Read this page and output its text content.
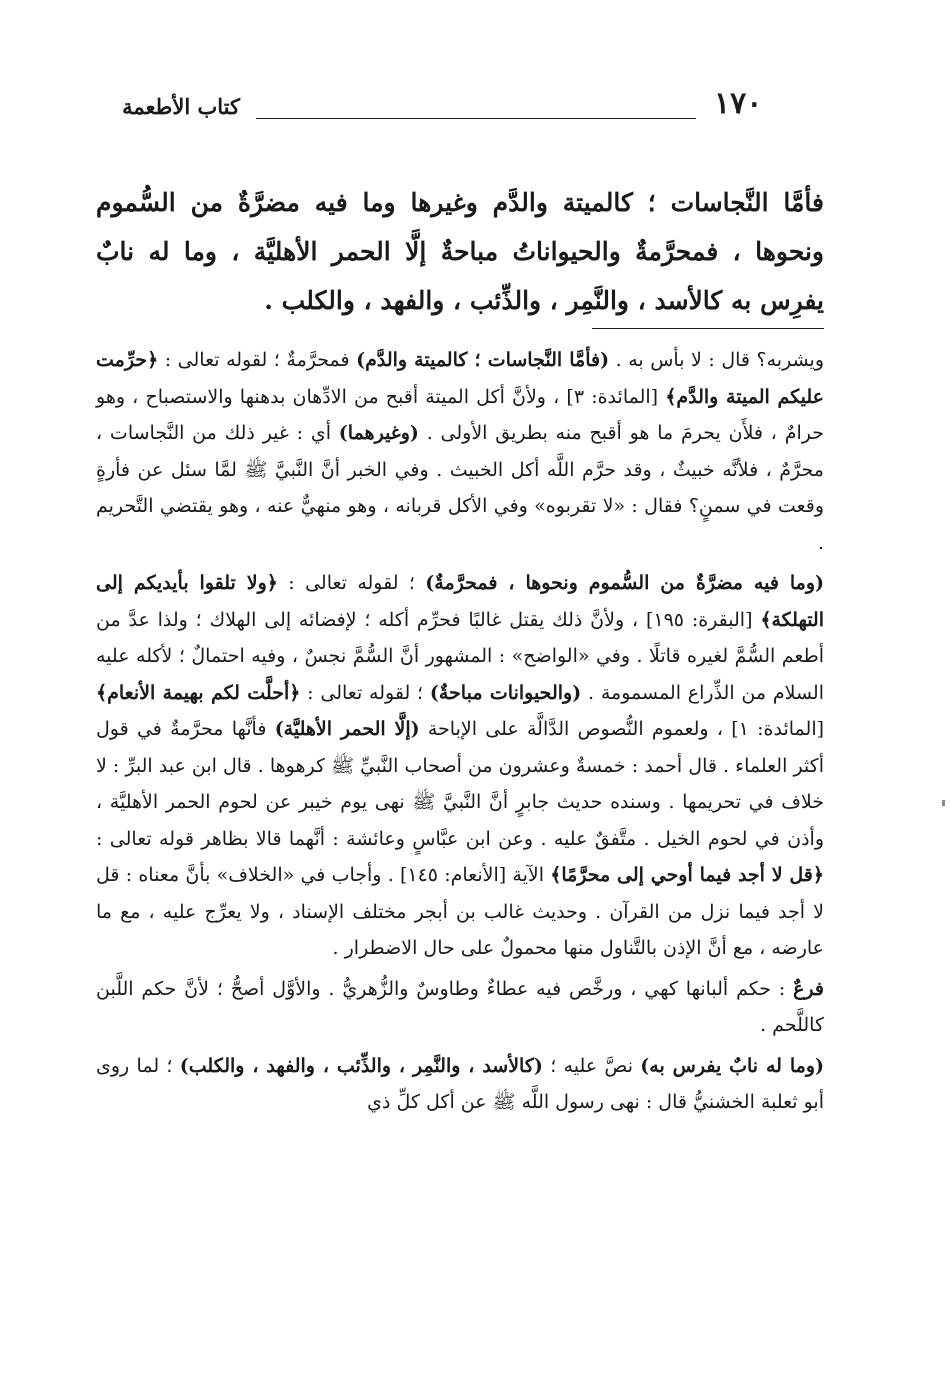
١٧٠
كتاب الأطعمة
فأمَّا النَّجاسات ؛ كالميتة والدَّم وغيرها وما فيه مضرَّةٌ من السُّموم ونحوها ، فمحرَّمةٌ والحيواناتُ مباحةٌ إلَّا الحمر الأهليَّة ، وما له نابٌ يفرِس به كالأسد ، والنَّمِر ، والذِّئب ، والفهد ، والكلب .

ويشربه؟ قال : لا بأس به . (فأمَّا النَّجاسات ؛ كالميتة والدَّم) فمحرَّمةٌ ؛ لقوله تعالى : ﴿حرِّمت عليكم الميتة والدَّم﴾ [المائدة: ٣] ، ولأنَّ أكل الميتة أقبح من الادِّهان بدهنها والاستصباح ، وهو حرامٌ ، فلأَن يحرمَ ما هو أقبح منه بطريق الأولى . (وغيرهما) أي : غير ذلك من النَّجاسات ، محرَّمٌ ، فلأنَّه خبيثٌ ، وقد حرَّم اللَّه أكل الخبيث . وفي الخبر أنَّ النَّبيَّ ﷺ لمَّا سئل عن فأرةٍ وقعت في سمنٍ؟ فقال : «لا تقربوه» وفي الأكل قربانه ، وهو منهيٌّ عنه ، وهو يقتضي التَّحريم .

(وما فيه مضرَّةٌ من السُّموم ونحوها ، فمحرَّمةٌ) ؛ لقوله تعالى : ﴿ولا تلقوا بأيديكم إلى التهلكة﴾ [البقرة: ١٩٥] ، ولأنَّ ذلك يقتل غالبًا فحرِّم أكله ؛ لإفضائه إلى الهلاك ؛ ولذا عدَّ من أطعم السُّمَّ لغيره قاتلًا . وفي «الواضح» : المشهور أنَّ السُّمَّ نجسٌ ، وفيه احتمالٌ ؛ لأكله عليه السلام من الذِّراع المسمومة . (والحيوانات مباحةٌ) ؛ لقوله تعالى : ﴿أحلَّت لكم بهيمة الأنعام﴾ [المائدة: ١] ، ولعموم النُّصوص الدَّالَّة على الإباحة (إلَّا الحمر الأهليَّة) فأنَّها محرَّمةٌ في قول أكثر العلماء . قال أحمد : خمسةٌ وعشرون من أصحاب النَّبيِّ ﷺ كرهوها . قال ابن عبد البرِّ : لا خلاف في تحريمها . وسنده حديث جابرٍ أنَّ النَّبيَّ ﷺ نهى يوم خيبر عن لحوم الحمر الأهليَّة ، وأذن في لحوم الخيل . متَّفقٌ عليه . وعن ابن عبَّاسٍ وعائشة : أنَّهما قالا بظاهر قوله تعالى : ﴿قل لا أجد فيما أوحي إلى محرَّمًا﴾ الآية [الأنعام: ١٤٥] . وأجاب في «الخلاف» بأنَّ معناه : قل لا أجد فيما نزل من القرآن . وحديث غالب بن أبجر مختلف الإسناد ، ولا يعرِّج عليه ، مع ما عارضه ، مع أنَّ الإذن بالتَّناول منها محمولٌ على حال الاضطرار .

فرعٌ : حكم ألبانها كهي ، ورخَّص فيه عطاءٌ وطاوسٌ والزُّهريُّ . والأوَّل أصحُّ ؛ لأنَّ حكم اللَّبن كاللَّحم .

(وما له نابٌ يفرس به) نصَّ عليه ؛ (كالأسد ، والنَّمِر ، والذِّئب ، والفهد ، والكلب) ؛ لما روى أبو ثعلبة الخشنيُّ قال : نهى رسول اللَّه ﷺ عن أكل كلِّ ذي
